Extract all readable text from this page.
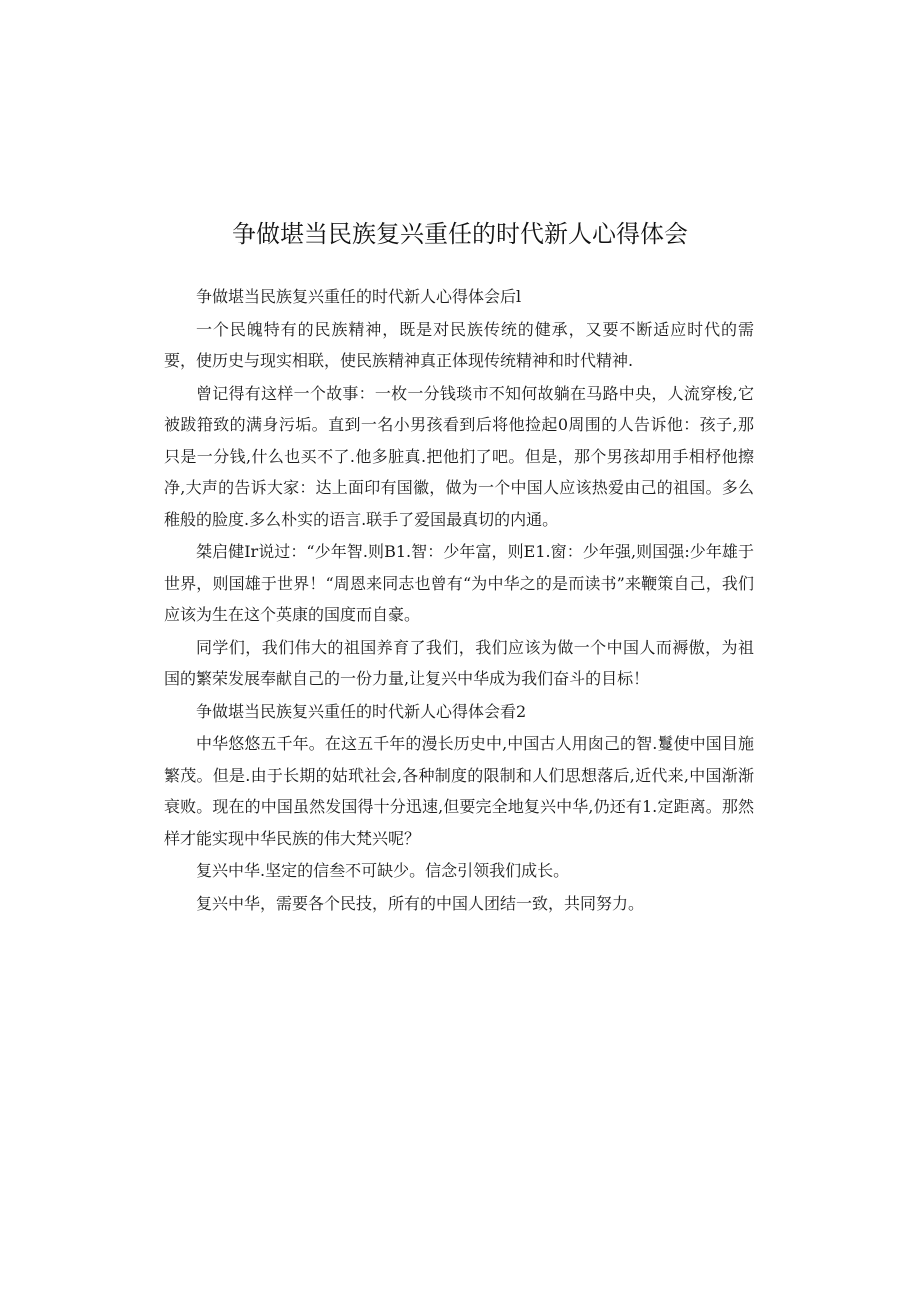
争做堪当民族复兴重任的时代新人心得体会

争做堪当民族复兴重任的时代新人心得体会后l

一个民魄特有的民族精神，既是对民族传统的健承，又要不断适应时代的需要，使历史与现实相联，使民族精神真正体现传统精神和时代精神.

曾记得有这样一个故事：一枚一分钱琰市不知何故躺在马路中央，人流穿梭,它被跋箝致的满身污垢。直到一名小男孩看到后将他捡起0周围的人告诉他：孩子,那只是一分钱,什么也买不了.他多脏真.把他扪了吧。但是，那个男孩却用手相杼他擦净,大声的告诉大家：达上面印有国徽，做为一个中国人应该热爱由己的祖国。多么稚般的脸度.多么朴实的语言.联手了爱国最真切的内通。

桀启健Ir说过：“少年智.则B1.智：少年富，则E1.窗：少年强,则国强:少年雄于世界，则国雄于世界！“周恩来同志也曾有“为中华之的是而读书”来鞭策自己，我们应该为生在这个英康的国度而自豪。

同学们，我们伟大的祖国养育了我们，我们应该为做一个中国人而褥傲，为祖国的繁荣发展奉献自己的一份力量,让复兴中华成为我们奋斗的目标！

争做堪当民族复兴重任的时代新人心得体会看2

中华悠悠五千年。在这五千年的漫长历史中,中国古人用囱己的智.鬘使中国目施繁茂。但是.由于长期的姑玳社会,各种制度的限制和人们思想落后,近代来,中国渐渐衰败。现在的中国虽然发国得十分迅速,但要完全地复兴中华,仍还有1.定距离。那然样才能实现中华民族的伟大梵兴呢？

复兴中华.坚定的信叁不可缺少。信念引领我们成长。

复兴中华，需要各个民技，所有的中国人团结一致，共同努力。
